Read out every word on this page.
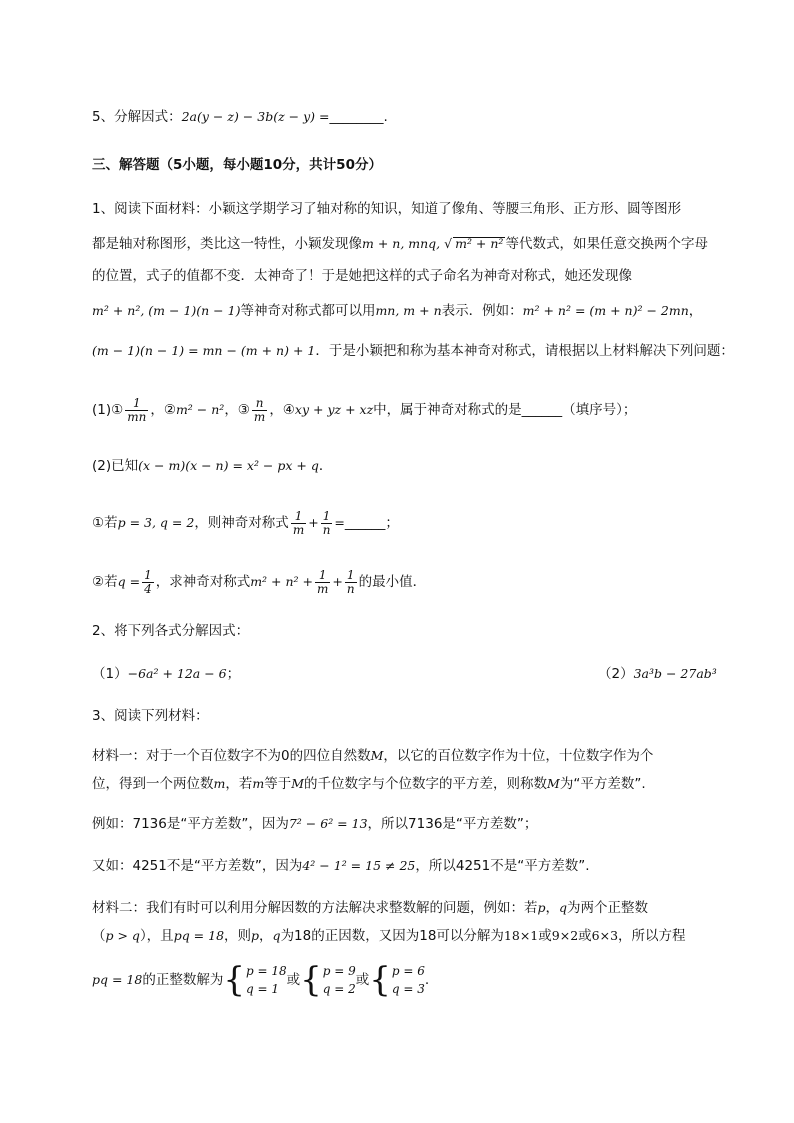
5、分解因式：2a(y − z) − 3b(z − y) =________.
三、解答题（5小题，每小题10分，共计50分）
1、阅读下面材料：小颖这学期学习了轴对称的知识，知道了像角、等腰三角形、正方形、圆等图形
都是轴对称图形，类比这一特性，小颖发现像m + n, mnq, √ m² + n² 等代数式，如果任意交换两个字母
的位置，式子的值都不变．太神奇了！于是她把这样的式子命名为神奇对称式，她还发现像
m² + n², (m − 1)(n − 1)等神奇对称式都可以用mn, m + n表示．例如：m² + n² = (m + n)² − 2mn，
(m − 1)(n − 1) = mn − (m + n) + 1．于是小颖把和称为基本神奇对称式，请根据以上材料解决下列问题：
(1)① $\frac{1}{mn}$ ，②m² − n²，③ $\frac{n}{m}$ ，④xy + yz + xz中，属于神奇对称式的是______（填序号）；
(2)已知(x − m)(x − n) = x² − px + q．
①若p = 3, q = 2，则神奇对称式 $\frac{1}{m} + \frac{1}{n}$ =______；
②若$q = \frac{1}{4}$ ，求神奇对称式$m^2 + n^2 + \frac{1}{m} + \frac{1}{n}$ 的最小值．
2、将下列各式分解因式：
（1）−6a² + 12a − 6；	（2）3a³b − 27ab³
3、阅读下列材料：
材料一：对于一个百位数字不为0的四位自然数M，以它的百位数字作为十位，十位数字作为个
位，得到一个两位数m，若m等于M的千位数字与个位数字的平方差，则称数M为“平方差数”.
例如：7136是“平方差数”，因为7² − 6² = 13，所以7136是“平方差数”；
又如：4251不是“平方差数”，因为4² − 1² = 15 ≠ 25，所以4251不是“平方差数”.
材料二：我们有时可以利用分解因数的方法解决求整数解的问题，例如：若p，q为两个正整数
（p > q），且pq = 18，则p，q为18的正因数，又因为18可以分解为18×1或9×2或6×3，所以方程
pq = 18的正整数解为{ p = 18
q = 1
或{ p = 9
q = 2
或{ p = 6
q = 3
.
